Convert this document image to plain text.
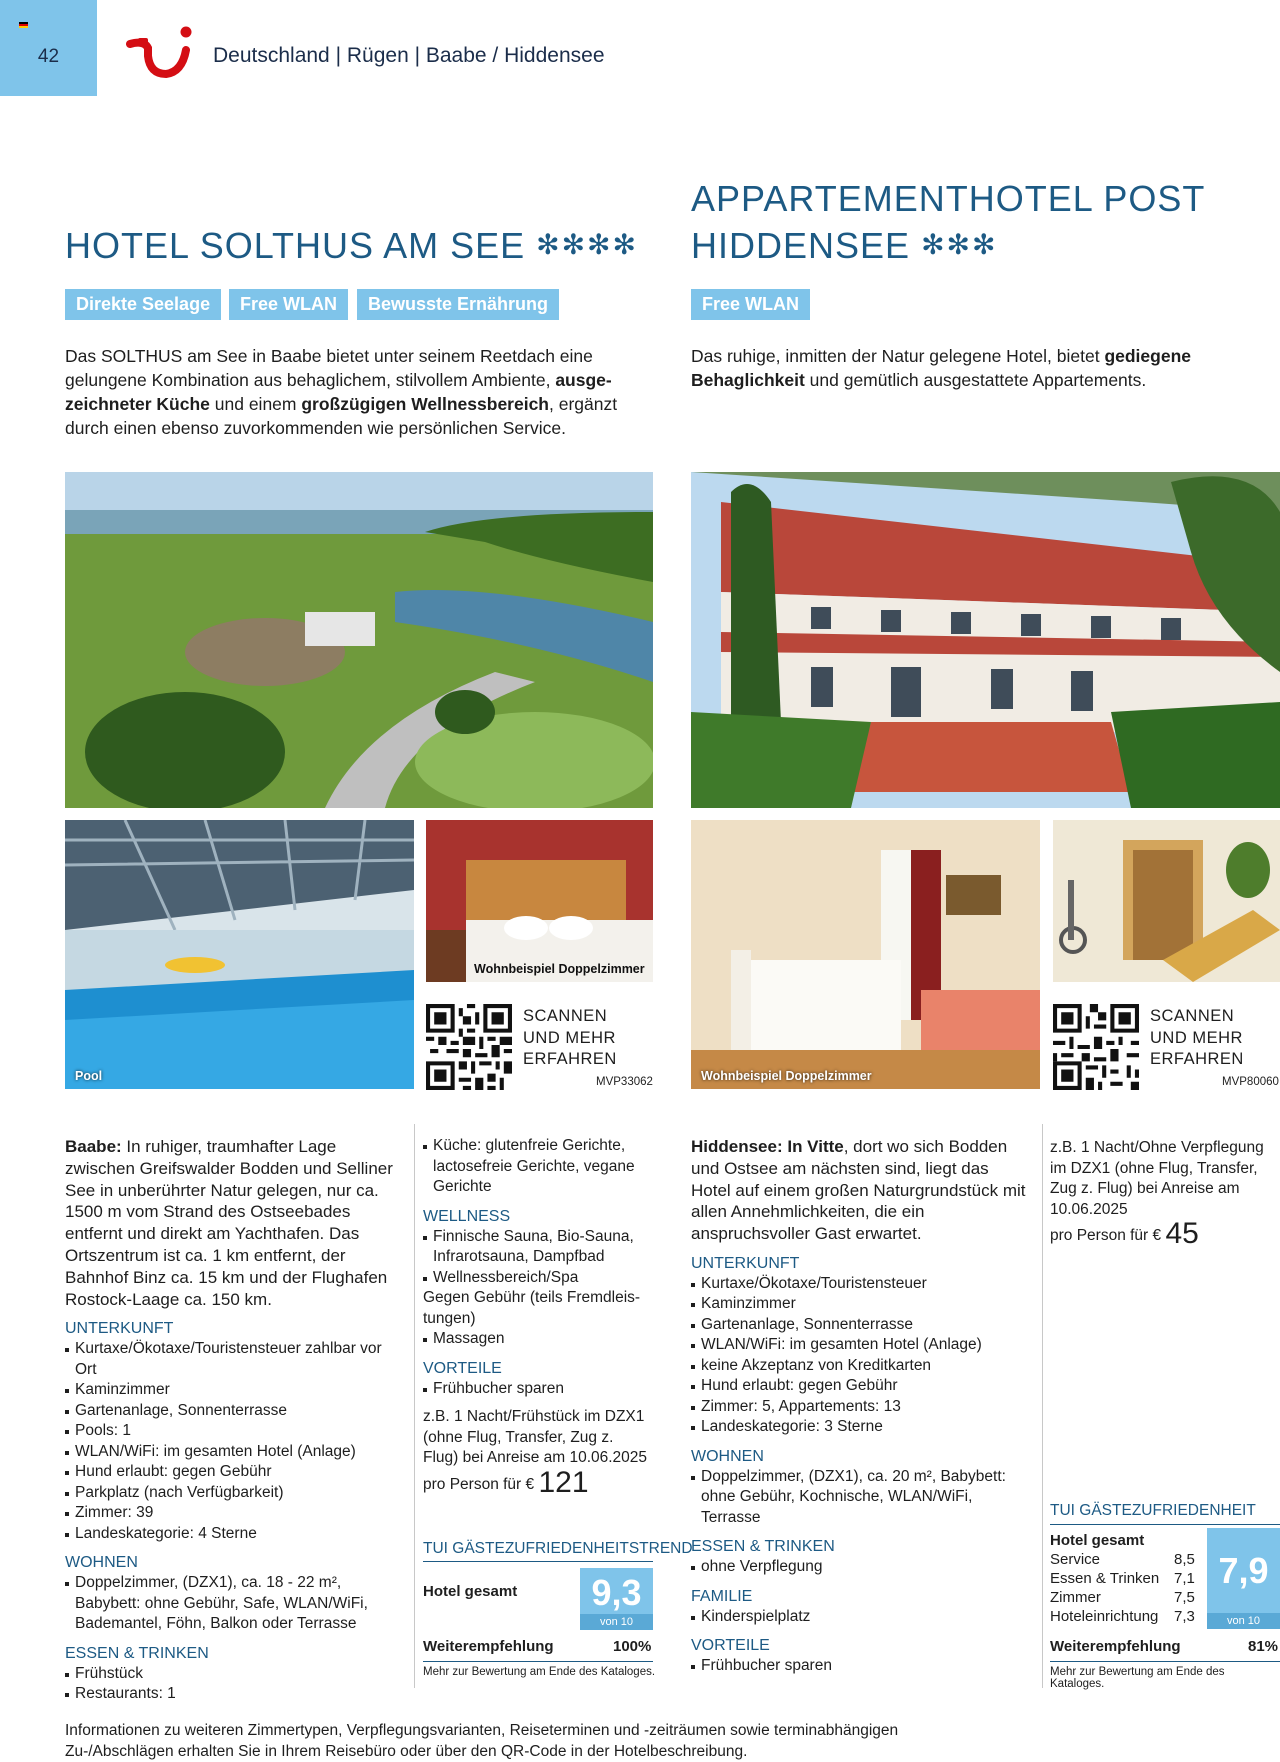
42	Deutschland | Rügen | Baabe / Hiddensee
HOTEL SOLTHUS AM SEE ✻✻✻✻
Direkte Seelage	Free WLAN	Bewusste Ernährung
Das SOLTHUS am See in Baabe bietet unter seinem Reetdach eine gelungene Kombination aus behaglichem, stilvollem Ambiente, ausgezeichneter Küche und einem großzügigen Wellnessbereich, ergänzt durch einen ebenso zuvorkommenden wie persönlichen Service.
APPARTEMENTHOTEL POST
HIDDENSEE ✻✻✻
Free WLAN
Das ruhige, inmitten der Natur gelegene Hotel, bietet gediegene Behaglichkeit und gemütlich ausgestattete Appartements.
Pool
Wohnbeispiel Doppelzimmer
SCANNEN
UND MEHR
ERFAHREN
MVP33062	Wohnbeispiel Doppelzimmer
SCANNEN
UND MEHR
ERFAHREN
MVP80060
Baabe: In ruhiger, traumhafter Lage zwischen Greifswalder Bodden und Selliner See in unberührter Natur gelegen, nur ca. 1500 m vom Strand des Ostseebades entfernt und direkt am Yachthafen. Das Ortszentrum ist ca. 1 km entfernt, der Bahnhof Binz ca. 15 km und der Flughafen Rostock-Laage ca. 150 km.
UNTERKUNFT
Kurtaxe/Ökotaxe/Touristensteuer zahlbar vor Ort
Kaminzimmer
Gartenanlage, Sonnenterrasse
Pools: 1
WLAN/WiFi: im gesamten Hotel (Anlage)
Hund erlaubt: gegen Gebühr
Parkplatz (nach Verfügbarkeit)
Zimmer: 39
Landeskategorie: 4 Sterne
WOHNEN
Doppelzimmer, (DZX1), ca. 18 - 22 m², Babybett: ohne Gebühr, Safe, WLAN/WiFi, Bademantel, Föhn, Balkon oder Terrasse
ESSEN & TRINKEN
Frühstück
Restaurants: 1
Küche: glutenfreie Gerichte, lactosefreie Gerichte, vegane Gerichte
WELLNESS
Finnische Sauna, Bio-Sauna, Infrarotsauna, Dampfbad
Wellnessbereich/Spa
Gegen Gebühr (teils Fremdleistungen)
Massagen
VORTEILE
Frühbucher sparen

z.B. 1 Nacht/Frühstück im DZX1 (ohne Flug, Transfer, Zug z. Flug) bei Anreise am 10.06.2025

pro Person für € 121
TUI GÄSTEZUFRIEDENHEITSTREND
Hotel gesamt	9,3
von 10
Weiterempfehlung	100%
Mehr zur Bewertung am Ende des Kataloges.
Hiddensee: In Vitte, dort wo sich Bodden und Ostsee am nächsten sind, liegt das Hotel auf einem großen Naturgrundstück mit allen Annehmlichkeiten, die ein anspruchsvoller Gast erwartet.
UNTERKUNFT
Kurtaxe/Ökotaxe/Touristensteuer
Kaminzimmer
Gartenanlage, Sonnenterrasse
WLAN/WiFi: im gesamten Hotel (Anlage)
keine Akzeptanz von Kreditkarten
Hund erlaubt: gegen Gebühr
Zimmer: 5, Appartements: 13
Landeskategorie: 3 Sterne
WOHNEN
Doppelzimmer, (DZX1), ca. 20 m², Babybett: ohne Gebühr, Kochnische, WLAN/WiFi, Terrasse
ESSEN & TRINKEN
ohne Verpflegung
FAMILIE
Kinderspielplatz
VORTEILE
Frühbucher sparen

z.B. 1 Nacht/Ohne Verpflegung im DZX1 (ohne Flug, Transfer, Zug z. Flug) bei Anreise am 10.06.2025

pro Person für € 45
TUI GÄSTEZUFRIEDENHEIT
Hotel gesamt
Service	8,5
Essen & Trinken 7,1
Zimmer	7,5
Hoteleinrichtung 7,3
7,9
von 10
Weiterempfehlung	81%
Mehr zur Bewertung am Ende des Kataloges.
Informationen zu weiteren Zimmertypen, Verpflegungsvarianten, Reiseterminen und -zeiträumen sowie terminabhängigen Zu-/Abschlägen erhalten Sie in Ihrem Reisebüro oder über den QR-Code in der Hotelbeschreibung.
